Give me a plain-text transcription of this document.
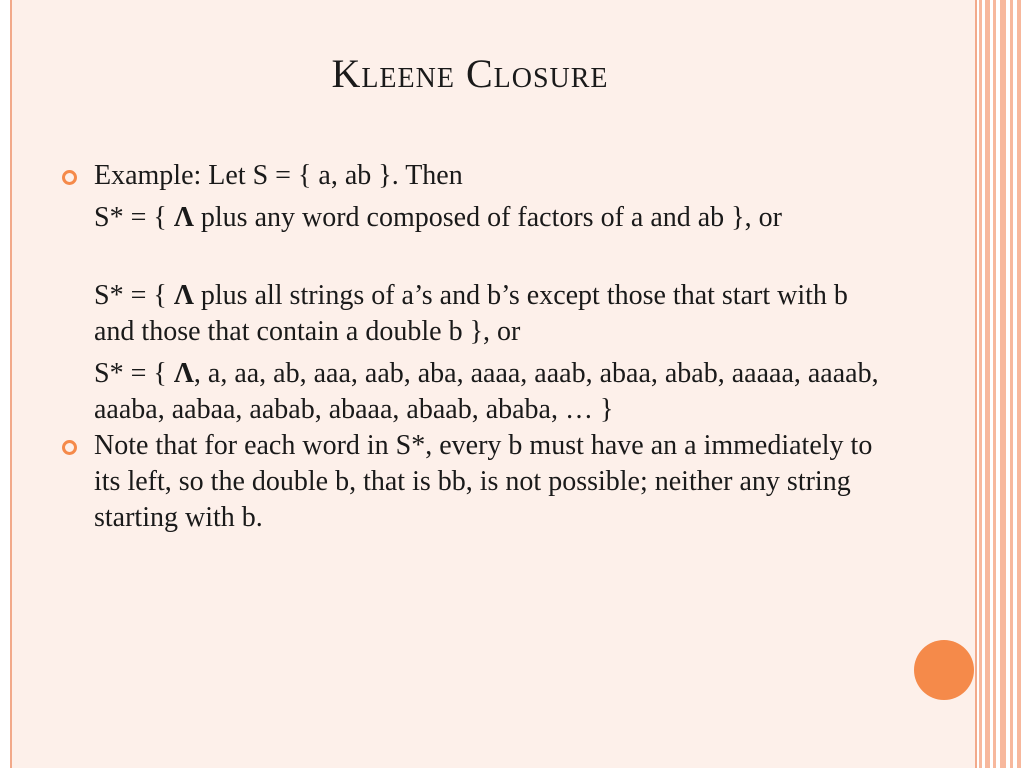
Kleene Closure

Example: Let S = { a, ab }. Then

S* = { Λ plus any word composed of factors of a and ab }, or

S* = { Λ plus all strings of a’s and b’s except those that start with b and those that contain a double b }, or

S* = { Λ, a, aa, ab, aaa, aab, aba, aaaa, aaab, abaa, abab, aaaaa, aaaab, aaaba, aabaa, aabab, abaaa, abaab, ababa, … }

Note that for each word in S*, every b must have an a immediately to its left, so the double b, that is bb, is not possible; neither any string starting with b.
